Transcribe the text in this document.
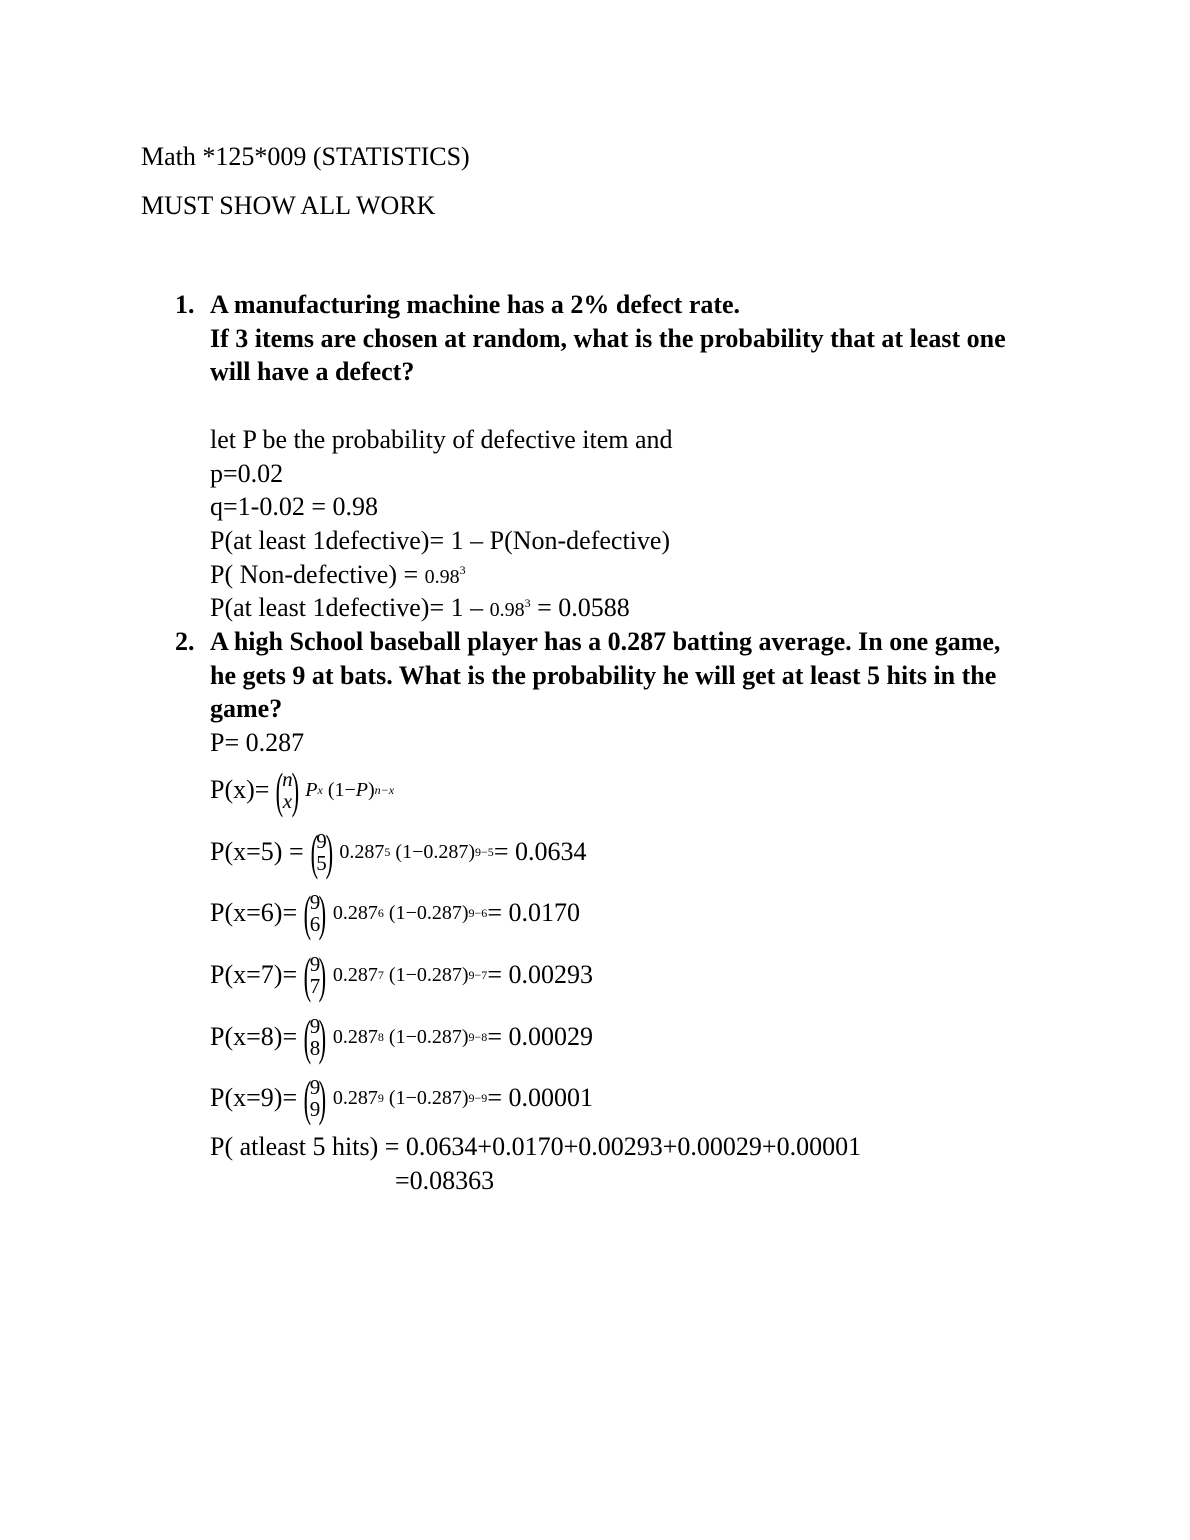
Math *125*009 (STATISTICS)
MUST SHOW ALL WORK
1. A manufacturing machine has a 2% defect rate.
If 3 items are chosen at random, what is the probability that at least one
will have a defect?
let P be the probability of defective item and
p=0.02
q=1-0.02 = 0.98
P(at least 1defective)= 1 – P(Non-defective)
P( Non-defective) = $0.98^3$
P(at least 1defective)= $1 - 0.98^3 = 0.0588$
2. A high School baseball player has a 0.287 batting average. In one game,
he gets 9 at bats. What is the probability he will get at least 5 hits in the
game?
P= 0.287
P(x)= (
n
x ) P x (1− P ) n−x
P(x=5) = (
9
5
) 0.287 5 (1−0.287) 9−5 = 0.0634
P(x=6)= (
9
6
) 0.287 6 (1−0.287) 9−6 = 0.0170
P(x=7)= (
9
7
) 0.287 7 (1−0.287) 9−7 = 0.00293
P(x=8)= (
9
8
) 0.287 8 (1−0.287) 9−8 = 0.00029
P(x=9)= (
9
9
) 0.287 9 (1−0.287) 9−9 = 0.00001
P( atleast 5 hits) = 0.0634+0.0170+0.00293+0.00029+0.00001
=0.08363
